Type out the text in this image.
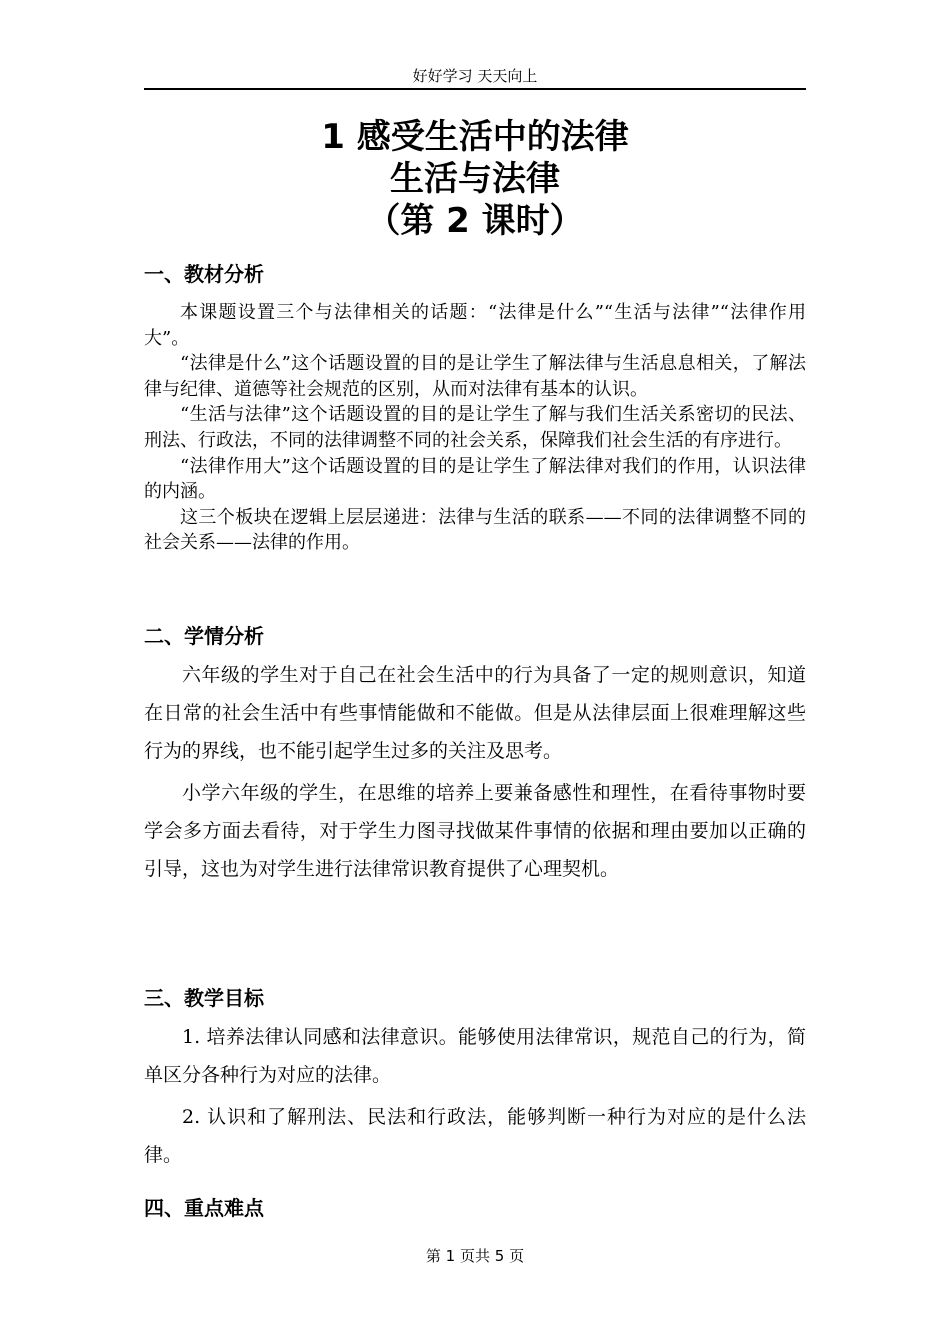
好好学习 天天向上
1 感受生活中的法律
生活与法律
（第 2 课时）
一、教材分析

本课题设置三个与法律相关的话题：“法律是什么”“生活与法律”“法律作用大”。

“法律是什么”这个话题设置的目的是让学生了解法律与生活息息相关，了解法律与纪律、道德等社会规范的区别，从而对法律有基本的认识。

“生活与法律”这个话题设置的目的是让学生了解与我们生活关系密切的民法、刑法、行政法，不同的法律调整不同的社会关系，保障我们社会生活的有序进行。

“法律作用大”这个话题设置的目的是让学生了解法律对我们的作用，认识法律的内涵。

这三个板块在逻辑上层层递进：法律与生活的联系——不同的法律调整不同的社会关系——法律的作用。

二、学情分析

六年级的学生对于自己在社会生活中的行为具备了一定的规则意识，知道在日常的社会生活中有些事情能做和不能做。但是从法律层面上很难理解这些行为的界线，也不能引起学生过多的关注及思考。

小学六年级的学生，在思维的培养上要兼备感性和理性，在看待事物时要学会多方面去看待，对于学生力图寻找做某件事情的依据和理由要加以正确的引导，这也为对学生进行法律常识教育提供了心理契机。

三、教学目标

1. 培养法律认同感和法律意识。能够使用法律常识，规范自己的行为，简单区分各种行为对应的法律。

2. 认识和了解刑法、民法和行政法，能够判断一种行为对应的是什么法律。

四、重点难点
第 1 页共 5 页
